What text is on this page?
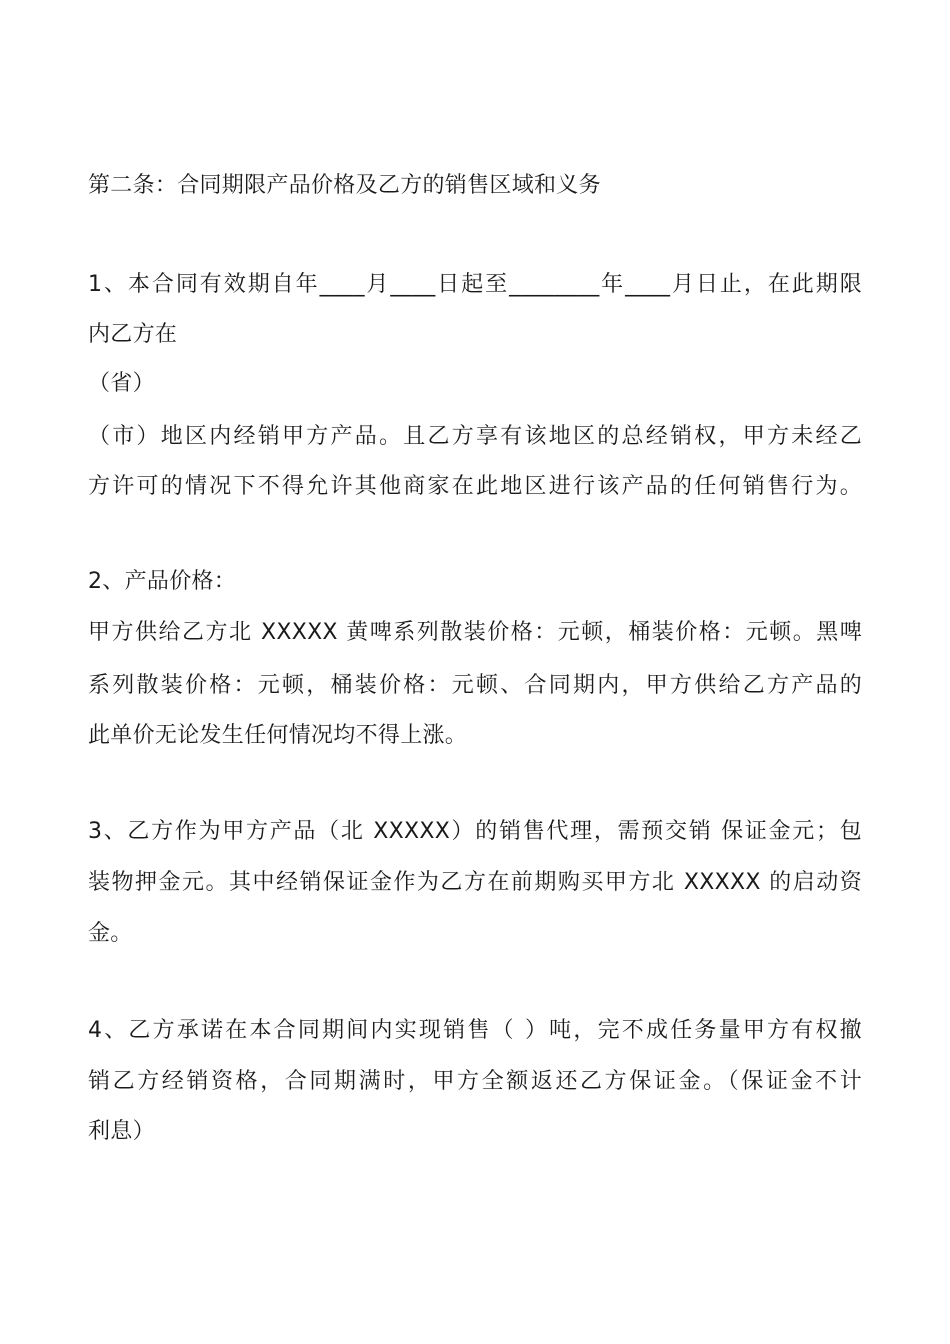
第二条：合同期限产品价格及乙方的销售区域和义务
1、本合同有效期自年____月____日起至________年____月日止，在此期限
内乙方在
（省）
（市）地区内经销甲方产品。且乙方享有该地区的总经销权，甲方未经乙
方许可的情况下不得允许其他商家在此地区进行该产品的任何销售行为。
2、产品价格：
甲方供给乙方北 XXXXX 黄啤系列散装价格：元顿，桶装价格：元顿。黑啤
系列散装价格：元顿，桶装价格：元顿、合同期内，甲方供给乙方产品的
此单价无论发生任何情况均不得上涨。
3、乙方作为甲方产品（北 XXXXX）的销售代理，需预交销 保证金元；包
装物押金元。其中经销保证金作为乙方在前期购买甲方北 XXXXX 的启动资
金。
4、乙方承诺在本合同期间内实现销售（ ）吨，完不成任务量甲方有权撤
销乙方经销资格，合同期满时，甲方全额返还乙方保证金。（保证金不计
利息）
